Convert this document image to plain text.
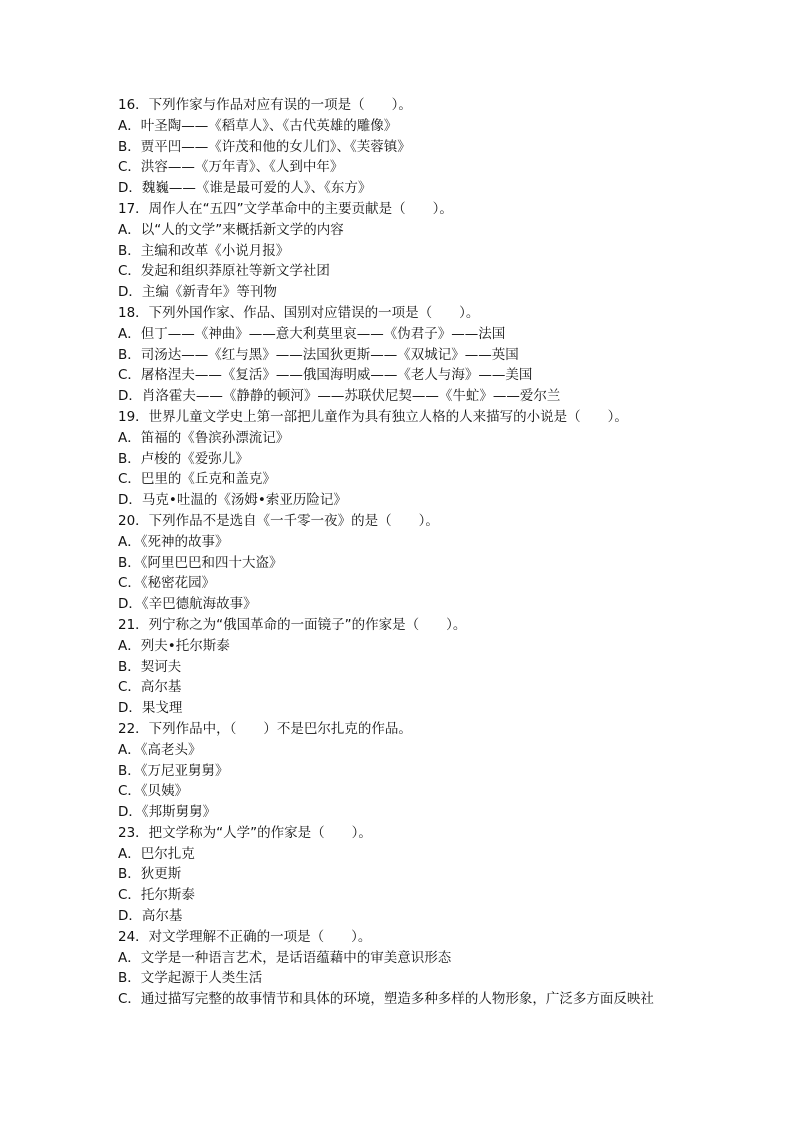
16．下列作家与作品对应有误的一项是（　　）。
A．叶圣陶——《稻草人》、《古代英雄的雕像》
B．贾平凹——《许茂和他的女儿们》、《芙蓉镇》
C．洪容——《万年青》、《人到中年》
D．魏巍——《谁是最可爱的人》、《东方》
17．周作人在“五四”文学革命中的主要贡献是（　　）。
A．以“人的文学”来概括新文学的内容
B．主编和改革《小说月报》
C．发起和组织莽原社等新文学社团
D．主编《新青年》等刊物
18．下列外国作家、作品、国别对应错误的一项是（　　）。
A．但丁——《神曲》——意大利莫里哀——《伪君子》——法国
B．司汤达——《红与黑》——法国狄更斯——《双城记》——英国
C．屠格涅夫——《复活》——俄国海明威——《老人与海》——美国
D．肖洛霍夫——《静静的顿河》——苏联伏尼契——《牛虻》——爱尔兰
19．世界儿童文学史上第一部把儿童作为具有独立人格的人来描写的小说是（　　）。
A．笛福的《鲁滨孙漂流记》
B．卢梭的《爱弥儿》
C．巴里的《丘克和盖克》
D．马克•吐温的《汤姆•索亚历险记》
20．下列作品不是选自《一千零一夜》的是（　　）。
A．《死神的故事》
B．《阿里巴巴和四十大盗》
C．《秘密花园》
D．《辛巴德航海故事》
21．列宁称之为“俄国革命的一面镜子”的作家是（　　）。
A．列夫•托尔斯泰
B．契诃夫
C．高尔基
D．果戈理
22．下列作品中，（　　）不是巴尔扎克的作品。
A．《高老头》
B．《万尼亚舅舅》
C．《贝姨》
D．《邦斯舅舅》
23．把文学称为“人学”的作家是（　　）。
A．巴尔扎克
B．狄更斯
C．托尔斯泰
D．高尔基
24．对文学理解不正确的一项是（　　）。
A．文学是一种语言艺术，是话语蕴藉中的审美意识形态
B．文学起源于人类生活
C．通过描写完整的故事情节和具体的环境，塑造多种多样的人物形象，广泛多方面反映社
